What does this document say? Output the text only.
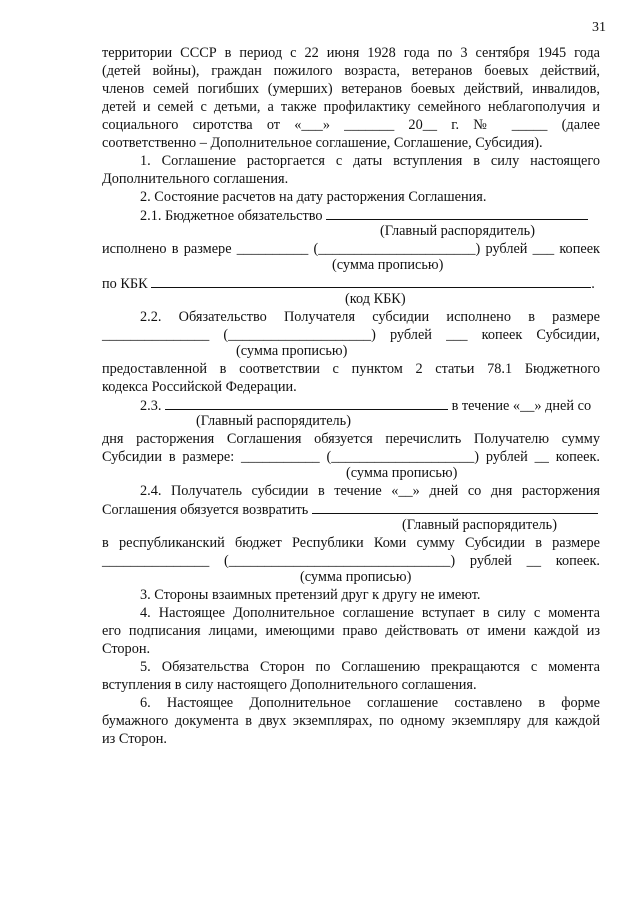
31
территории СССР в период с 22 июня 1928 года по 3 сентября 1945 года
(детей войны), граждан пожилого возраста, ветеранов боевых действий,
членов семей погибших (умерших) ветеранов боевых действий, инвалидов,
детей и семей с детьми, а также профилактику семейного неблагополучия и
социального сиротства от «___» _______ 20__ г. № _____ (далее
соответственно – Дополнительное соглашение, Соглашение, Субсидия).
1. Соглашение расторгается с даты вступления в силу настоящего
Дополнительного соглашения.
2. Состояние расчетов на дату расторжения Соглашения.
2.1. Бюджетное обязательство
(Главный распорядитель)
исполнено в размере __________ (______________________) рублей ___ копеек
(сумма прописью)
по КБК	.
(код КБК)
2.2. Обязательство Получателя субсидии исполнено в размере
_______________ (____________________) рублей ___ копеек Субсидии,
(сумма прописью)
предоставленной в соответствии с пунктом 2 статьи 78.1 Бюджетного
кодекса Российской Федерации.
2.3.	в течение «__» дней со
(Главный распорядитель)
дня расторжения Соглашения обязуется перечислить Получателю сумму
Субсидии в размере: ___________ (____________________) рублей __ копеек.
(сумма прописью)
2.4. Получатель субсидии в течение «__» дней со дня расторжения
Соглашения обязуется возвратить
(Главный распорядитель)
в республиканский бюджет Республики Коми сумму Субсидии в размере
_______________ (_______________________________) рублей __ копеек.
(сумма прописью)
3. Стороны взаимных претензий друг к другу не имеют.
4. Настоящее Дополнительное соглашение вступает в силу с момента
его подписания лицами, имеющими право действовать от имени каждой из
Сторон.
5. Обязательства Сторон по Соглашению прекращаются с момента
вступления в силу настоящего Дополнительного соглашения.
6. Настоящее Дополнительное соглашение составлено в форме
бумажного документа в двух экземплярах, по одному экземпляру для каждой
из Сторон.
